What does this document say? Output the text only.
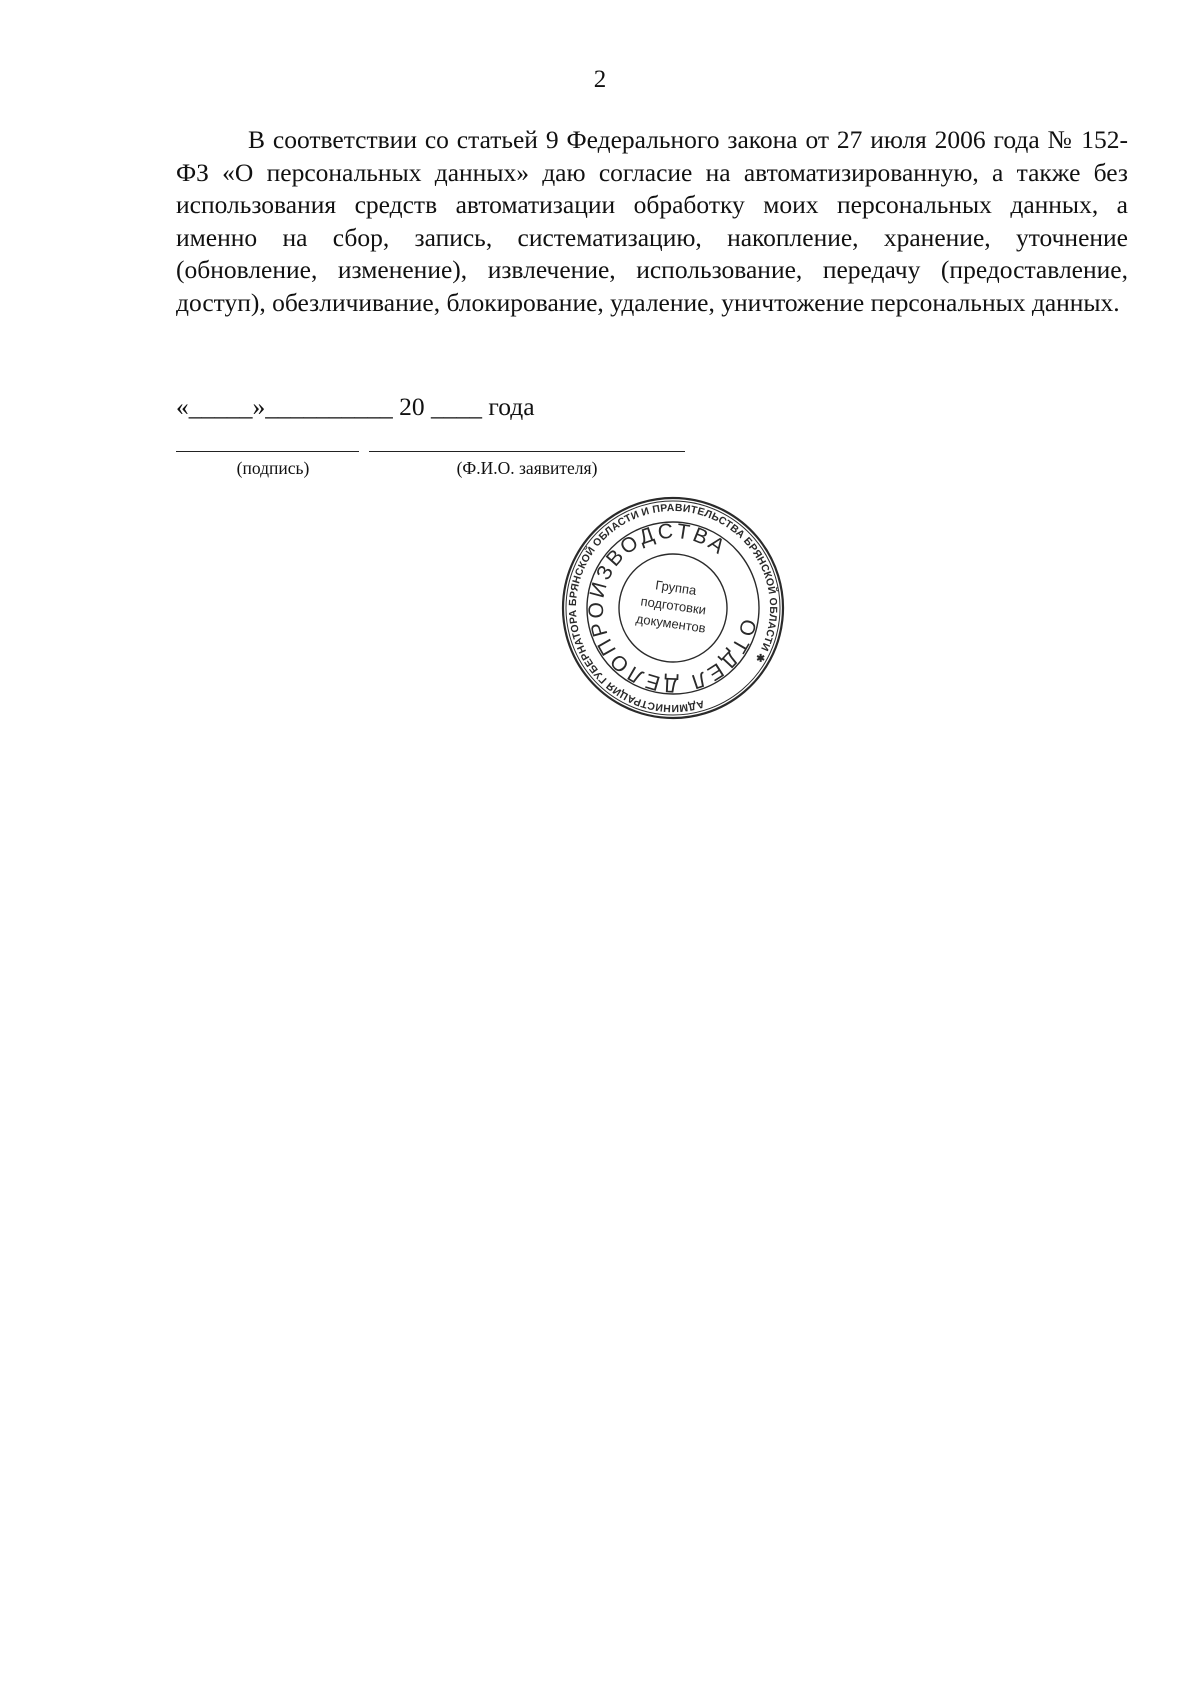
2

В соответствии со статьей 9 Федерального закона от 27 июля 2006 года № 152-ФЗ «О персональных данных» даю согласие на автоматизированную, а также без использования средств автоматизации обработку моих персональных данных, а именно на сбор, запись, систематизацию, накопление, хранение, уточнение (обновление, изменение), извлечение, использование, передачу (предоставление, доступ), обезличивание, блокирование, удаление, уничтожение персональных данных.

«_____»__________ 20 ____ года
(подпись)	(Ф.И.О. заявителя)
АДМИНИСТРАЦИЯ ГУБЕРНАТОРА БРЯНСКОЙ ОБЛАСТИ И ПРАВИТЕЛЬСТВА БРЯНСКОЙ ОБЛАСТИ ✱
ОТДЕЛ ДЕЛОПРОИЗВОДСТВА
Группа
подготовки
документов
